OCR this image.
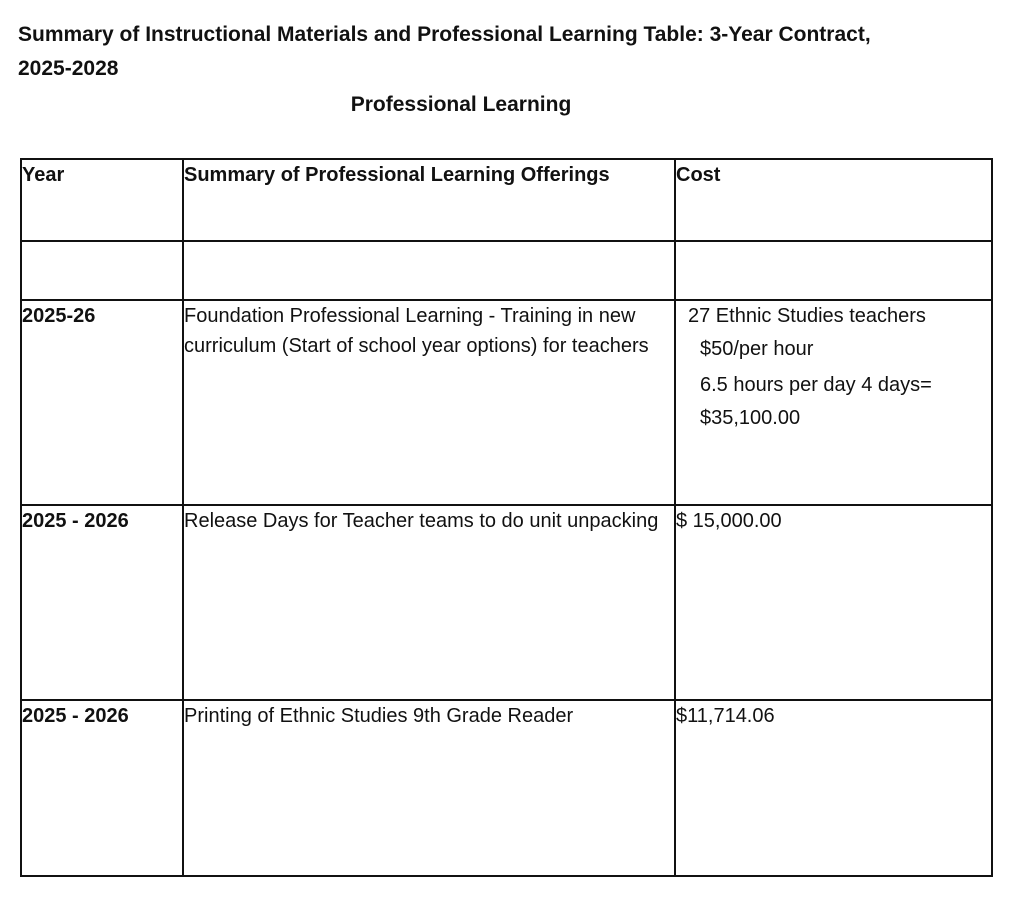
Summary of Instructional Materials and Professional Learning Table: 3-Year Contract,
2025-2028
Professional Learning
Year	Summary of Professional Learning Offerings	Cost

2025-26	Foundation Professional Learning - Training in new curriculum (Start of school year options) for teachers	27 Ethnic Studies teachers
$50/per hour
6.5 hours per day 4 days=
$35,100.00

2025 - 2026	Release Days for Teacher teams to do unit unpacking	$ 15,000.00
2025 - 2026	Printing of Ethnic Studies 9th Grade Reader	$11,714.06
